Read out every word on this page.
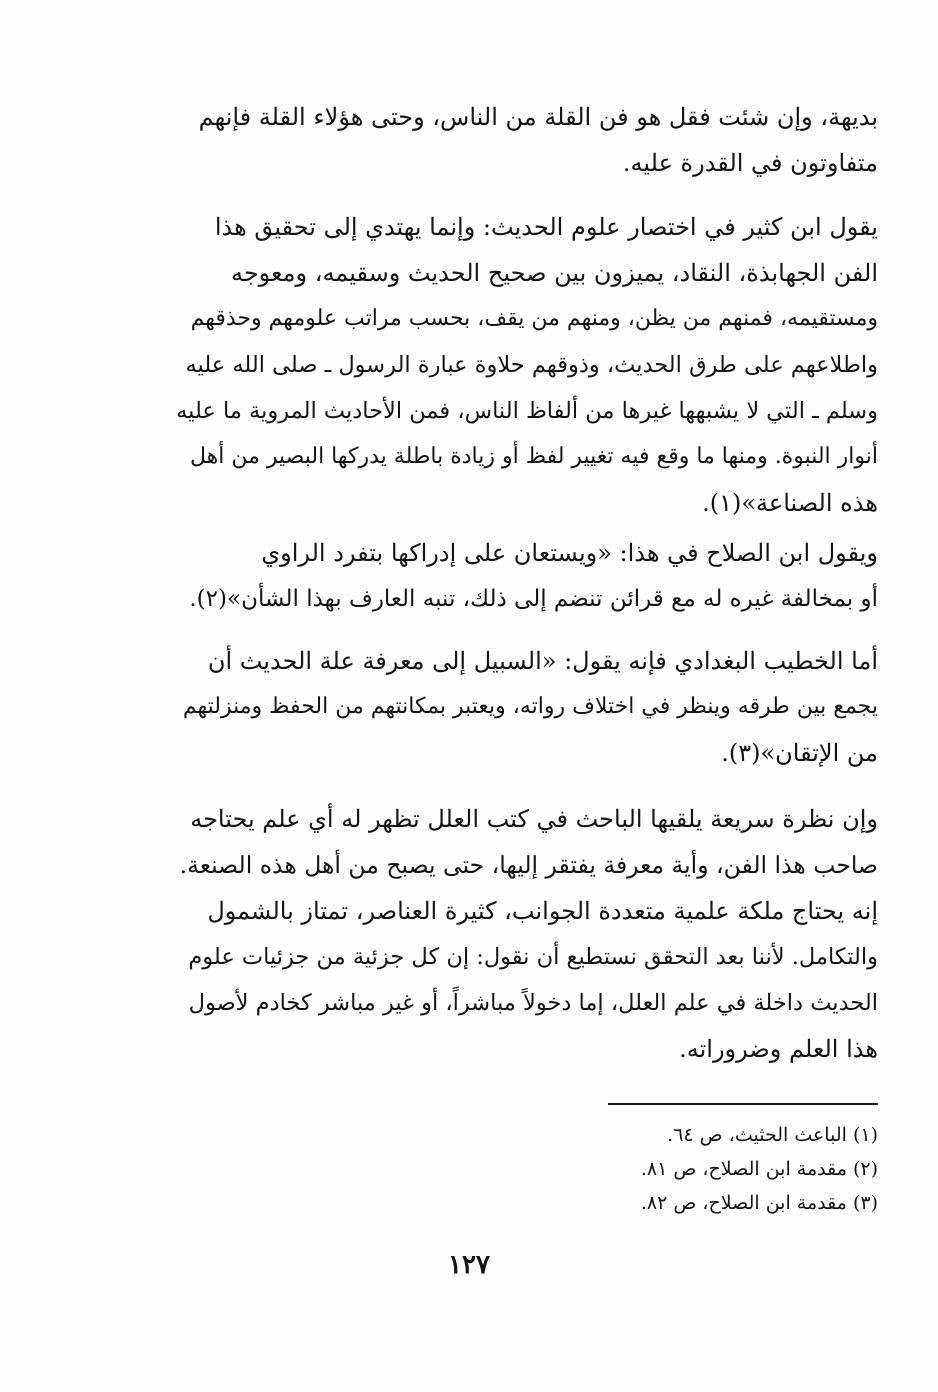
بديهة، وإن شئت فقل هو فن القلة من الناس، وحتى هؤلاء القلة فإنهم
متفاوتون في القدرة عليه.
يقول ابن كثير في اختصار علوم الحديث: وإنما يهتدي إلى تحقيق هذا
الفن الجهابذة، النقاد، يميزون بين صحيح الحديث وسقيمه، ومعوجه
ومستقيمه، فمنهم من يظن، ومنهم من يقف، بحسب مراتب علومهم وحذقهم
واطلاعهم على طرق الحديث، وذوقهم حلاوة عبارة الرسول ـ صلى الله عليه
وسلم ـ التي لا يشبهها غيرها من ألفاظ الناس، فمن الأحاديث المروية ما عليه
أنوار النبوة. ومنها ما وقع فيه تغيير لفظ أو زيادة باطلة يدركها البصير من أهل
هذه الصناعة»(١).
ويقول ابن الصلاح في هذا: «ويستعان على إدراكها بتفرد الراوي
أو بمخالفة غيره له مع قرائن تنضم إلى ذلك، تنبه العارف بهذا الشأن»(٢).
أما الخطيب البغدادي فإنه يقول: «السبيل إلى معرفة علة الحديث أن
يجمع بين طرقه وينظر في اختلاف رواته، ويعتبر بمكانتهم من الحفظ ومنزلتهم
من الإتقان»(٣).
وإن نظرة سريعة يلقيها الباحث في كتب العلل تظهر له أي علم يحتاجه
صاحب هذا الفن، وأية معرفة يفتقر إليها، حتى يصبح من أهل هذه الصنعة.
إنه يحتاج ملكة علمية متعددة الجوانب، كثيرة العناصر، تمتاز بالشمول
والتكامل. لأننا بعد التحقق نستطيع أن نقول: إن كل جزئية من جزئيات علوم
الحديث داخلة في علم العلل، إما دخولاً مباشراً، أو غير مباشر كخادم لأصول
هذا العلم وضروراته.
(١) الباعث الحثيث، ص ٦٤.
(٢) مقدمة ابن الصلاح، ص ٨١.
(٣) مقدمة ابن الصلاح، ص ٨٢.
١٢٧
